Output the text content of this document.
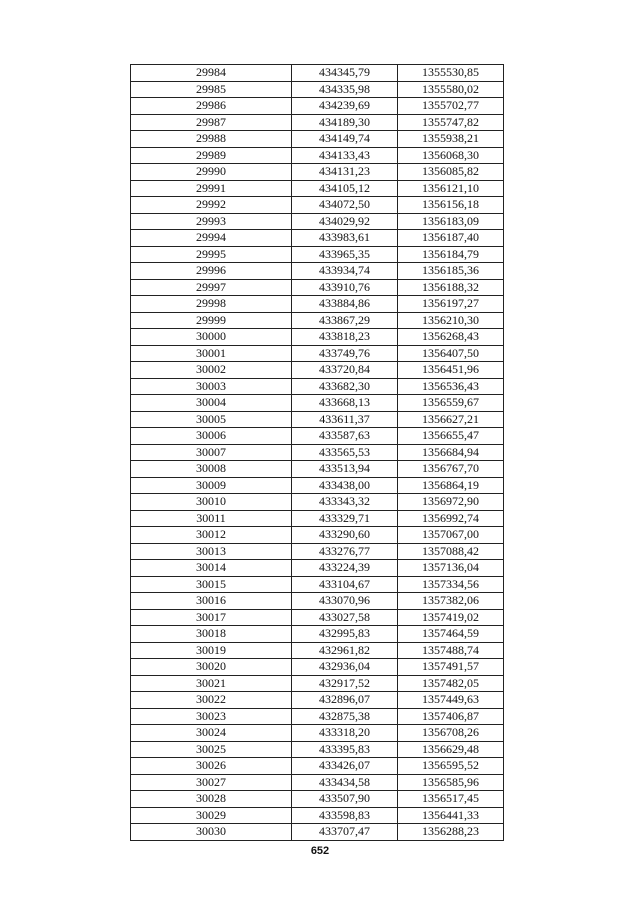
29984	434345,79	1355530,85
29985	434335,98	1355580,02
29986	434239,69	1355702,77
29987	434189,30	1355747,82
29988	434149,74	1355938,21
29989	434133,43	1356068,30
29990	434131,23	1356085,82
29991	434105,12	1356121,10
29992	434072,50	1356156,18
29993	434029,92	1356183,09
29994	433983,61	1356187,40
29995	433965,35	1356184,79
29996	433934,74	1356185,36
29997	433910,76	1356188,32
29998	433884,86	1356197,27
29999	433867,29	1356210,30
30000	433818,23	1356268,43
30001	433749,76	1356407,50
30002	433720,84	1356451,96
30003	433682,30	1356536,43
30004	433668,13	1356559,67
30005	433611,37	1356627,21
30006	433587,63	1356655,47
30007	433565,53	1356684,94
30008	433513,94	1356767,70
30009	433438,00	1356864,19
30010	433343,32	1356972,90
30011	433329,71	1356992,74
30012	433290,60	1357067,00
30013	433276,77	1357088,42
30014	433224,39	1357136,04
30015	433104,67	1357334,56
30016	433070,96	1357382,06
30017	433027,58	1357419,02
30018	432995,83	1357464,59
30019	432961,82	1357488,74
30020	432936,04	1357491,57
30021	432917,52	1357482,05
30022	432896,07	1357449,63
30023	432875,38	1357406,87
30024	433318,20	1356708,26
30025	433395,83	1356629,48
30026	433426,07	1356595,52
30027	433434,58	1356585,96
30028	433507,90	1356517,45
30029	433598,83	1356441,33
30030	433707,47	1356288,23
652
